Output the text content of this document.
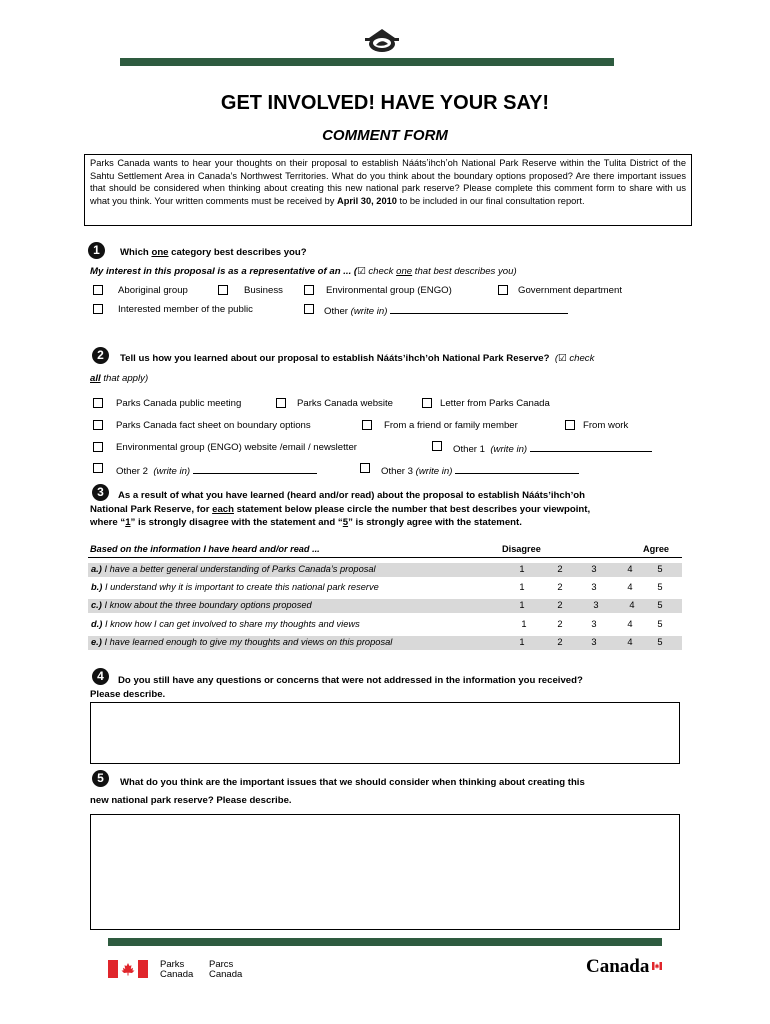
GET INVOLVED! HAVE YOUR SAY!
COMMENT FORM
Parks Canada wants to hear your thoughts on their proposal to establish Náátsʼihchʼoh National Park Reserve within the Tulita District of the Sahtu Settlement Area in Canada’s Northwest Territories. What do you think about the boundary options proposed? Are there important issues that should be considered when thinking about creating this new national park reserve? Please complete this comment form to share with us what you think. Your written comments must be received by April 30, 2010 to be included in our final consultation report.
1	Which one category best describes you?
My interest in this proposal is as a representative of an ... (☑ check one that best describes you)
Aboriginal group	Business	Environmental group (ENGO)	Government department
Interested member of the public	Other (write in)
2	Tell us how you learned about our proposal to establish Náátsʼihchʼoh National Park Reserve? (☑ check
all that apply)
Parks Canada public meeting	Parks Canada website	Letter from Parks Canada
Parks Canada fact sheet on boundary options	From a friend or family member	From work
Environmental group (ENGO) website /email / newsletter	Other 1 (write in)
Other 2 (write in)	Other 3 (write in)
3	As a result of what you have learned (heard and/or read) about the proposal to establish Náátsʼihchʼoh
National Park Reserve, for each statement below please circle the number that best describes your viewpoint,
where “1” is strongly disagree with the statement and “5” is strongly agree with the statement.
Based on the information I have heard and/or read ...	Disagree	Agree
a.) I have a better general understanding of Parks Canada’s proposal	1	2	3	4	5
b.) I understand why it is important to create this national park reserve	1	2	3	4	5
c.) I know about the three boundary options proposed	1	2	3	4	5
d.) I know how I can get involved to share my thoughts and views	1	2	3	4	5
e.) I have learned enough to give my thoughts and views on this proposal	1	2	3	4	5
4	Do you still have any questions or concerns that were not addressed in the information you received?
Please describe.
5	What do you think are the important issues that we should consider when thinking about creating this
new national park reserve? Please describe.
Parks
Canada
Parcs
Canada	Canada
